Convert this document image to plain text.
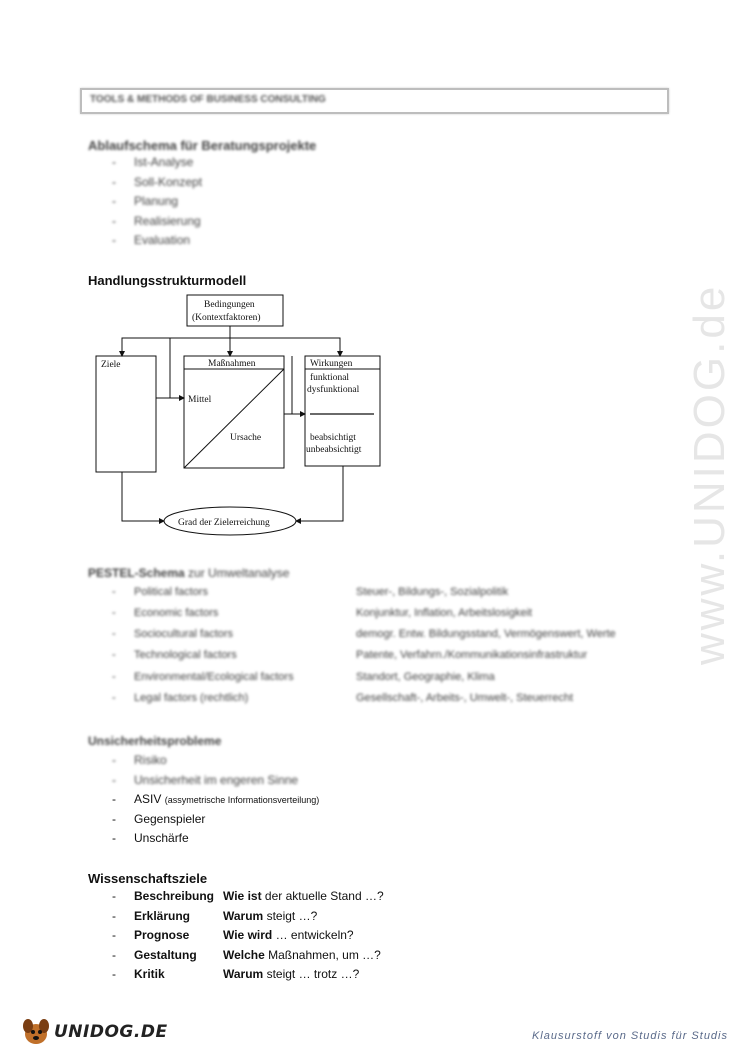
www.UNIDOG.de
TOOLS & METHODS OF BUSINESS CONSULTING
Ablaufschema für Beratungsprojekte
- Ist-Analyse
- Soll-Konzept
- Planung
- Realisierung
- Evaluation
Handlungsstrukturmodell
Bedingungen
(Kontextfaktoren)
Ziele	Maßnahmen
Mittel
Ursache
Wirkungen
funktional
dysfunktional
beabsichtigt
unbeabsichtigt
Grad der Zielerreichung
PESTEL-Schema zur Umweltanalyse
- Political factors	Steuer-, Bildungs-, Sozialpolitik
- Economic factors	Konjunktur, Inflation, Arbeitslosigkeit
- Sociocultural factors	demogr. Entw. Bildungsstand, Vermögenswert, Werte
- Technological factors	Patente, Verfahrn./Kommunikationsinfrastruktur
- Environmental/Ecological factors	Standort, Geographie, Klima
- Legal factors (rechtlich)	Gesellschaft-, Arbeits-, Umwelt-, Steuerrecht
Unsicherheitsprobleme
- Risiko
- Unsicherheit im engeren Sinne
- ASIV (assymetrische Informationsverteilung)
- Gegenspieler
- Unschärfe
Wissenschaftsziele
- Beschreibung Wie ist der aktuelle Stand …?
- Erklärung	Warum steigt …?
- Prognose	Wie wird … entwickeln?
- Gestaltung Welche Maßnahmen, um …?
- Kritik	Warum steigt … trotz …?
UNIDOG.DE	Klausurstoff von Studis für Studis
